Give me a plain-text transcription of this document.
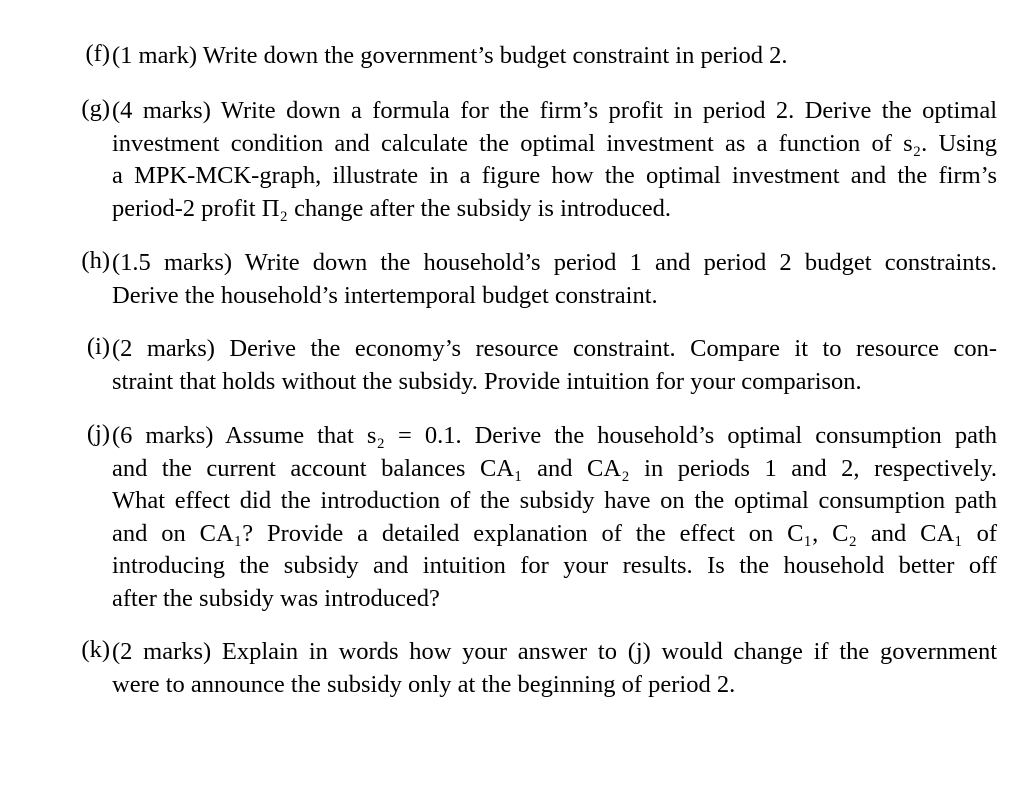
(f) (1 mark) Write down the government’s budget constraint in period 2.
(g) (4 marks) Write down a formula for the firm’s profit in period 2. Derive the optimal
investment condition and calculate the optimal investment as a function of s₂. Using
a MPK-MCK-graph, illustrate in a figure how the optimal investment and the firm’s
period-2 profit Π₂ change after the subsidy is introduced.
(h) (1.5 marks) Write down the household’s period 1 and period 2 budget constraints.
Derive the household’s intertemporal budget constraint.
(i) (2 marks) Derive the economy’s resource constraint. Compare it to resource con-
straint that holds without the subsidy. Provide intuition for your comparison.
(j) (6 marks) Assume that s₂ = 0.1. Derive the household’s optimal consumption path
and the current account balances CA₁ and CA₂ in periods 1 and 2, respectively.
What effect did the introduction of the subsidy have on the optimal consumption path
and on CA₁? Provide a detailed explanation of the effect on C₁, C₂ and CA₁ of
introducing the subsidy and intuition for your results. Is the household better off
after the subsidy was introduced?
(k) (2 marks) Explain in words how your answer to (j) would change if the government
were to announce the subsidy only at the beginning of period 2.
